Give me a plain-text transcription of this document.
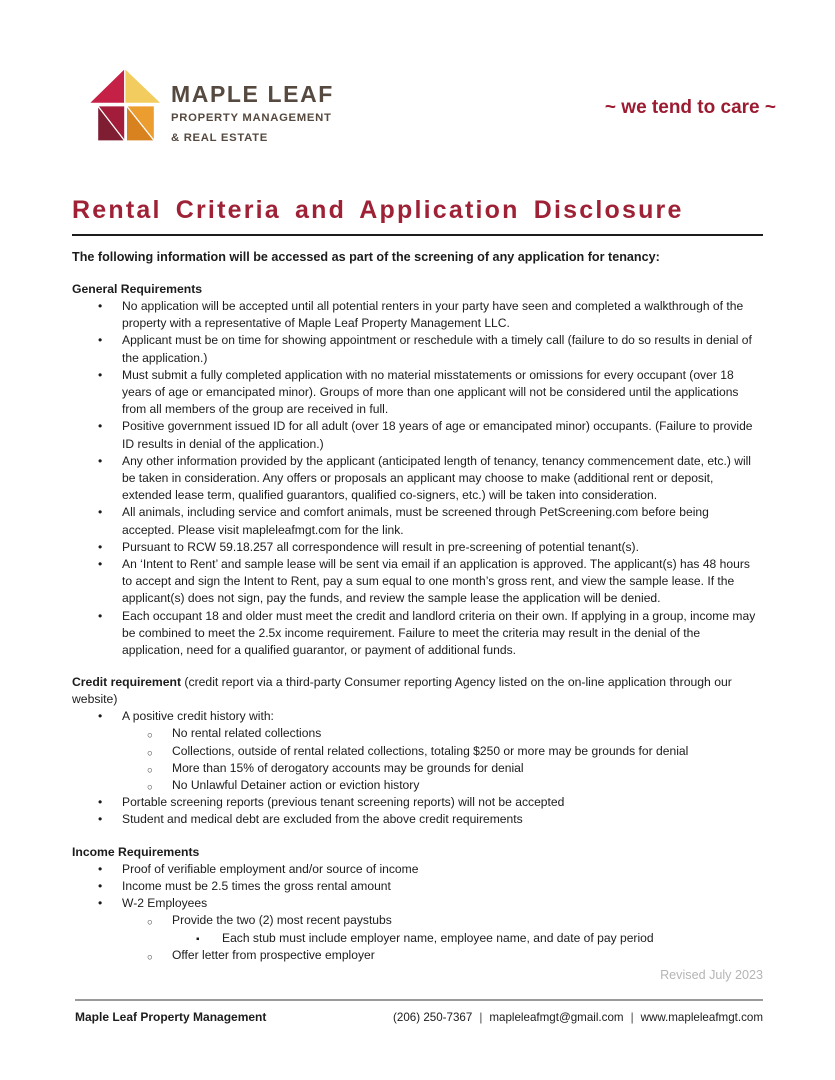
MAPLE LEAF
PROPERTY MANAGEMENT
& REAL ESTATE
~ we tend to care ~
Rental Criteria and Application Disclosure

The following information will be accessed as part of the screening of any application for tenancy:

General Requirements

• No application will be accepted until all potential renters in your party have seen and completed a walkthrough of the property with a representative of Maple Leaf Property Management LLC.
• Applicant must be on time for showing appointment or reschedule with a timely call (failure to do so results in denial of the application.)
• Must submit a fully completed application with no material misstatements or omissions for every occupant (over 18 years of age or emancipated minor). Groups of more than one applicant will not be considered until the applications from all members of the group are received in full.
• Positive government issued ID for all adult (over 18 years of age or emancipated minor) occupants. (Failure to provide ID results in denial of the application.)
• Any other information provided by the applicant (anticipated length of tenancy, tenancy commencement date, etc.) will be taken in consideration. Any offers or proposals an applicant may choose to make (additional rent or deposit, extended lease term, qualified guarantors, qualified co-signers, etc.) will be taken into consideration.
• All animals, including service and comfort animals, must be screened through PetScreening.com before being accepted. Please visit mapleleafmgt.com for the link.
• Pursuant to RCW 59.18.257 all correspondence will result in pre-screening of potential tenant(s).
• An ‘Intent to Rent’ and sample lease will be sent via email if an application is approved. The applicant(s) has 48 hours to accept and sign the Intent to Rent, pay a sum equal to one month’s gross rent, and view the sample lease. If the applicant(s) does not sign, pay the funds, and review the sample lease the application will be denied.
• Each occupant 18 and older must meet the credit and landlord criteria on their own. If applying in a group, income may be combined to meet the 2.5x income requirement. Failure to meet the criteria may result in the denial of the application, need for a qualified guarantor, or payment of additional funds.

Credit requirement (credit report via a third-party Consumer reporting Agency listed on the on-line application through our website)

• A positive credit history with:
○ No rental related collections
○ Collections, outside of rental related collections, totaling $250 or more may be grounds for denial
○ More than 15% of derogatory accounts may be grounds for denial
○ No Unlawful Detainer action or eviction history
• Portable screening reports (previous tenant screening reports) will not be accepted
• Student and medical debt are excluded from the above credit requirements

Income Requirements

• Proof of verifiable employment and/or source of income
• Income must be 2.5 times the gross rental amount
• W-2 Employees
○ Provide the two (2) most recent paystubs
▪ Each stub must include employer name, employee name, and date of pay period
○ Offer letter from prospective employer

Revised July 2023

Maple Leaf Property Management	(206) 250-7367 | mapleleafmgt@gmail.com | www.mapleleafmgt.com
